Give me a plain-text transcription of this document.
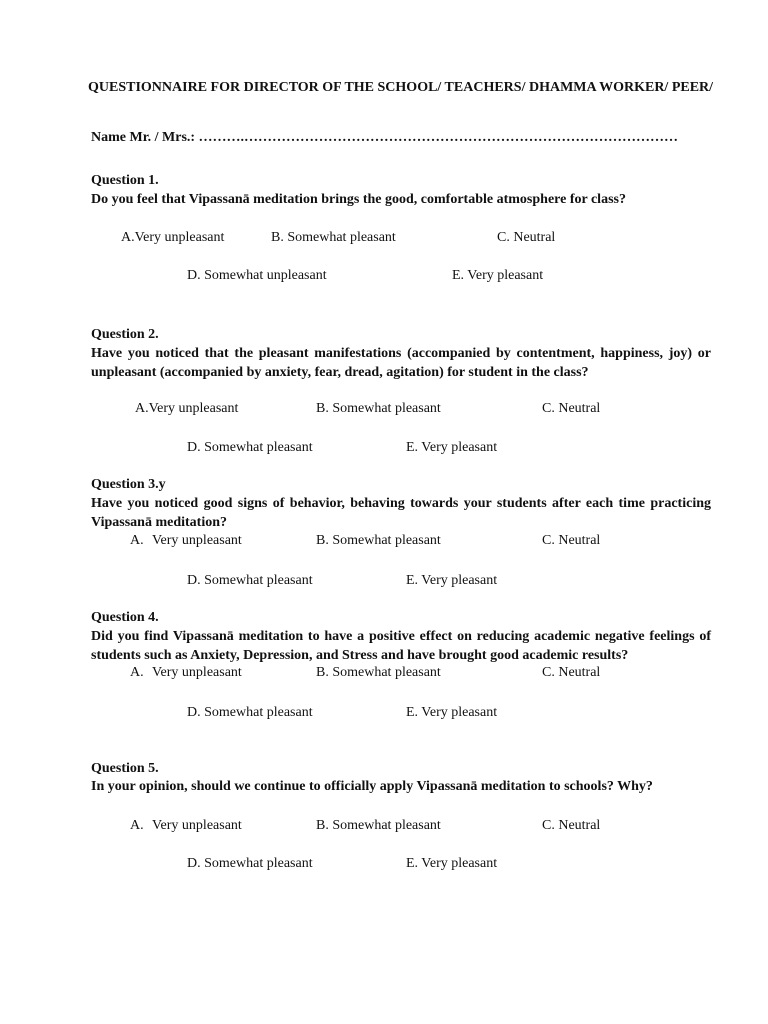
QUESTIONNAIRE FOR DIRECTOR OF THE SCHOOL/ TEACHERS/ DHAMMA WORKER/ PEER/
Name Mr. / Mrs.: ……….…………………………………………………………………………………
Question 1.
Do you feel that Vipassanā meditation brings the good, comfortable atmosphere for class?
A.Very unpleasant	B. Somewhat pleasant	C. Neutral
D. Somewhat unpleasant	E. Very pleasant
Question 2.
Have you noticed that the pleasant manifestations (accompanied by contentment, happiness, joy) or unpleasant (accompanied by anxiety, fear, dread, agitation) for student in the class?
A.Very unpleasant	B. Somewhat pleasant	C. Neutral
D. Somewhat pleasant	E. Very pleasant
Question 3.y
Have you noticed good signs of behavior, behaving towards your students after each time practicing Vipassanā meditation?
A. Very unpleasant	B. Somewhat pleasant	C. Neutral
D. Somewhat pleasant	E. Very pleasant
Question 4.
Did you find Vipassanā meditation to have a positive effect on reducing academic negative feelings of students such as Anxiety, Depression, and Stress and have brought good academic results?
A. Very unpleasant	B. Somewhat pleasant	C. Neutral
D. Somewhat pleasant	E. Very pleasant
Question 5.
In your opinion, should we continue to officially apply Vipassanā meditation to schools? Why?
A. Very unpleasant	B. Somewhat pleasant	C. Neutral
D. Somewhat pleasant	E. Very pleasant
